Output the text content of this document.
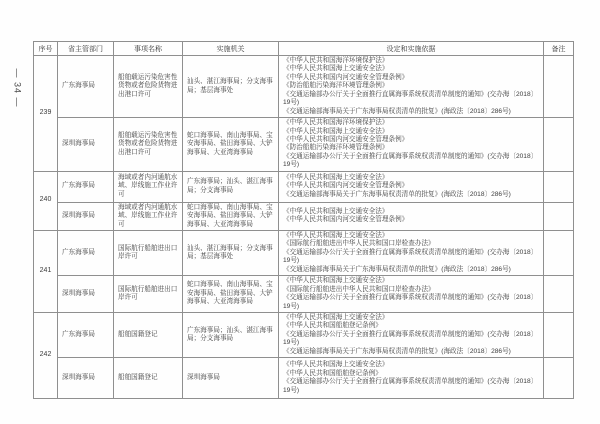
— 34 —
序号	省主管部门	事项名称	实施机关	设定和实施依据	备注
239	广东海事局	船舶载运污染危害性货物或者危险货物进出港口许可	汕头、湛江海事局；分支海事局；基层海事处	
《中华人民共和国海洋环境保护法》
《中华人民共和国海上交通安全法》
《中华人民共和国内河交通安全管理条例》
《防治船舶污染海洋环境管理条例》
《交通运输部办公厅关于全面推行直属海事系统权责清单制度的通知》(交办海〔2018〕19号)
《交通运输部海事局关于广东海事局权责清单的批复》(海政法〔2018〕286号)

	深圳海事局	船舶载运污染危害性货物或者危险货物进出港口许可	蛇口海事局、南山海事局、宝安海事局、盐田海事局、大铲海事局、大亚湾海事局	《中华人民共和国海洋环境保护法》
《中华人民共和国海上交通安全法》
《中华人民共和国内河交通安全管理条例》
《防治船舶污染海洋环境管理条例》
《交通运输部办公厅关于全面推行直属海事系统权责清单制度的通知》(交办海〔2018〕19号)	

240	广东海事局	海域或者内河通航水域、岸线施工作业许可	广东海事局；汕头、湛江海事局；分支海事局	《中华人民共和国海上交通安全法》
《中华人民共和国内河交通安全管理条例》
《交通运输部海事局关于广东海事局权责清单的批复》(海政法〔2018〕286号)	

	深圳海事局	海域或者内河通航水域、岸线施工作业许可	蛇口海事局、南山海事局、宝安海事局、盐田海事局、大铲海事局、大亚湾海事局	《中华人民共和国海上交通安全法》
《中华人民共和国内河交通安全管理条例》	

241	广东海事局	国际航行船舶进出口岸许可	汕头、湛江海事局；分支海事局；基层海事处	《中华人民共和国海上交通安全法》
《国际航行船舶进出中华人民共和国口岸检查办法》
《交通运输部办公厅关于全面推行直属海事系统权责清单制度的通知》(交办海〔2018〕19号)
《交通运输部海事局关于广东海事局权责清单的批复》(海政法〔2018〕286号)	

	深圳海事局	国际航行船舶进出口岸许可	蛇口海事局、南山海事局、宝安海事局、盐田海事局、大铲海事局、大亚湾海事局	《中华人民共和国海上交通安全法》
《国际航行船舶进出中华人民共和国口岸检查办法》
《交通运输部办公厅关于全面推行直属海事系统权责清单制度的通知》(交办海〔2018〕19号)	

242	广东海事局	船舶国籍登记	广东海事局；汕头、湛江海事局；分支海事局	《中华人民共和国海上交通安全法》
《中华人民共和国船舶登记条例》
《交通运输部办公厅关于全面推行直属海事系统权责清单制度的通知》(交办海〔2018〕19号)
《交通运输部海事局关于广东海事局权责清单的批复》(海政法〔2018〕286号)	

	深圳海事局	船舶国籍登记	深圳海事局	《中华人民共和国海上交通安全法》
《中华人民共和国船舶登记条例》
《交通运输部办公厅关于全面推行直属海事系统权责清单制度的通知》(交办海〔2018〕19号)	
